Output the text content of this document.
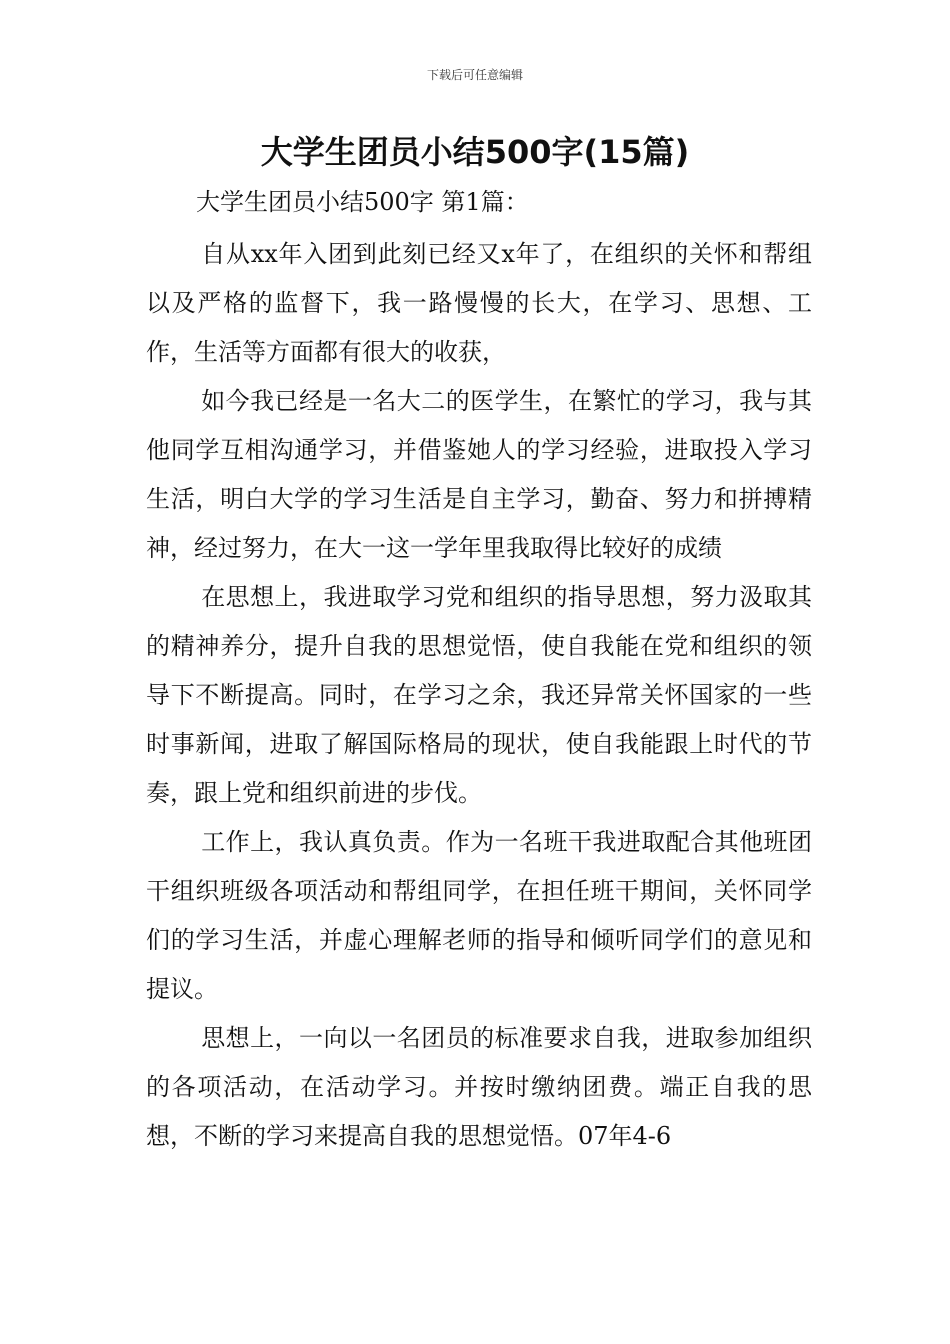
下载后可任意编辑
大学生团员小结500字(15篇)

大学生团员小结500字 第1篇：

自从xx年入团到此刻已经又x年了，在组织的关怀和帮组以及严格的监督下，我一路慢慢的长大，在学习、思想、工作，生活等方面都有很大的收获，

如今我已经是一名大二的医学生，在繁忙的学习，我与其他同学互相沟通学习，并借鉴她人的学习经验，进取投入学习生活，明白大学的学习生活是自主学习，勤奋、努力和拼搏精神，经过努力，在大一这一学年里我取得比较好的成绩

在思想上，我进取学习党和组织的指导思想，努力汲取其的精神养分，提升自我的思想觉悟，使自我能在党和组织的领导下不断提高。同时，在学习之余，我还异常关怀国家的一些时事新闻，进取了解国际格局的现状，使自我能跟上时代的节奏，跟上党和组织前进的步伐。

工作上，我认真负责。作为一名班干我进取配合其他班团干组织班级各项活动和帮组同学，在担任班干期间，关怀同学们的学习生活，并虚心理解老师的指导和倾听同学们的意见和提议。

思想上，一向以一名团员的标准要求自我，进取参加组织的各项活动，在活动学习。并按时缴纳团费。端正自我的思想，不断的学习来提高自我的思想觉悟。07年4-6
